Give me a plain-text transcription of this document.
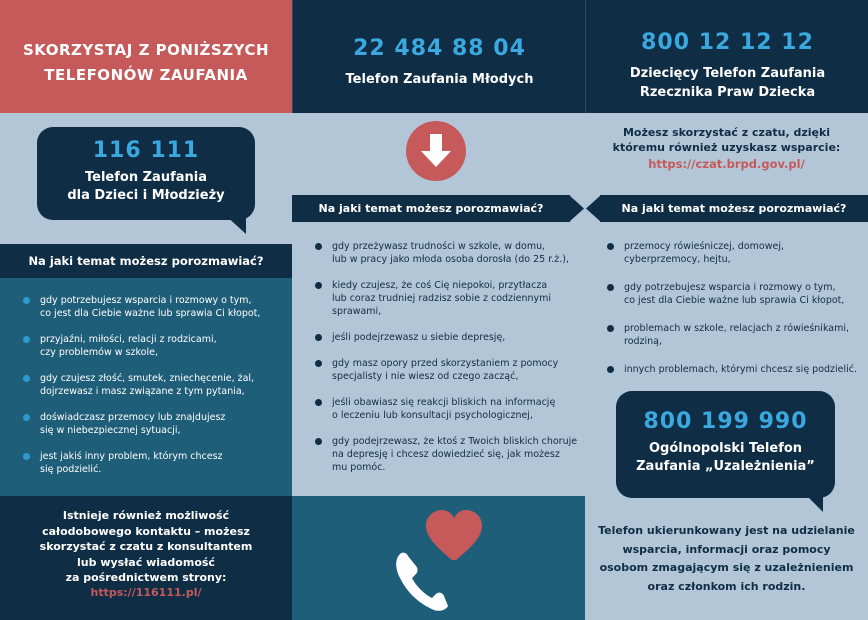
SKORZYSTAJ Z PONIŻSZYCH
TELEFONÓW ZAUFANIA
116 111
Telefon Zaufania
dla Dzieci i Młodzieży
Na jaki temat możesz porozmawiać?
gdy potrzebujesz wsparcia i rozmowy o tym,
co jest dla Ciebie ważne lub sprawia Ci kłopot,
przyjaźni, miłości, relacji z rodzicami,
czy problemów w szkole,
gdy czujesz złość, smutek, zniechęcenie, żal,
dojrzewasz i masz związane z tym pytania,
doświadczasz przemocy lub znajdujesz
się w niebezpiecznej sytuacji,
jest jakiś inny problem, którym chcesz
się podzielić.
Istnieje również możliwość
całodobowego kontaktu – możesz
skorzystać z czatu z konsultantem
lub wysłać wiadomość
za pośrednictwem strony:
https://116111.pl/
22 484 88 04
Telefon Zaufania Młodych
Na jaki temat możesz porozmawiać?
gdy przeżywasz trudności w szkole, w domu,
lub w pracy jako młoda osoba dorosła (do 25 r.ż.),
kiedy czujesz, że coś Cię niepokoi, przytłacza
lub coraz trudniej radzisz sobie z codziennymi
sprawami,
jeśli podejrzewasz u siebie depresję,
gdy masz opory przed skorzystaniem z pomocy
specjalisty i nie wiesz od czego zacząć,
jeśli obawiasz się reakcji bliskich na informację
o leczeniu lub konsultacji psychologicznej,
gdy podejrzewasz, że ktoś z Twoich bliskich choruje
na depresję i chcesz dowiedzieć się, jak możesz
mu pomóc.
800 12 12 12
Dziecięcy Telefon Zaufania
Rzecznika Praw Dziecka
Możesz skorzystać z czatu, dzięki
któremu również uzyskasz wsparcie:
https://czat.brpd.gov.pl/
Na jaki temat możesz porozmawiać?
przemocy rówieśniczej, domowej,
cyberprzemocy, hejtu,
gdy potrzebujesz wsparcia i rozmowy o tym,
co jest dla Ciebie ważne lub sprawia Ci kłopot,
problemach w szkole, relacjach z rówieśnikami,
rodziną,
innych problemach, którymi chcesz się podzielić.
800 199 990
Ogólnopolski Telefon
Zaufania „Uzależnienia”
Telefon ukierunkowany jest na udzielanie
wsparcia, informacji oraz pomocy
osobom zmagającym się z uzależnieniem
oraz członkom ich rodzin.
